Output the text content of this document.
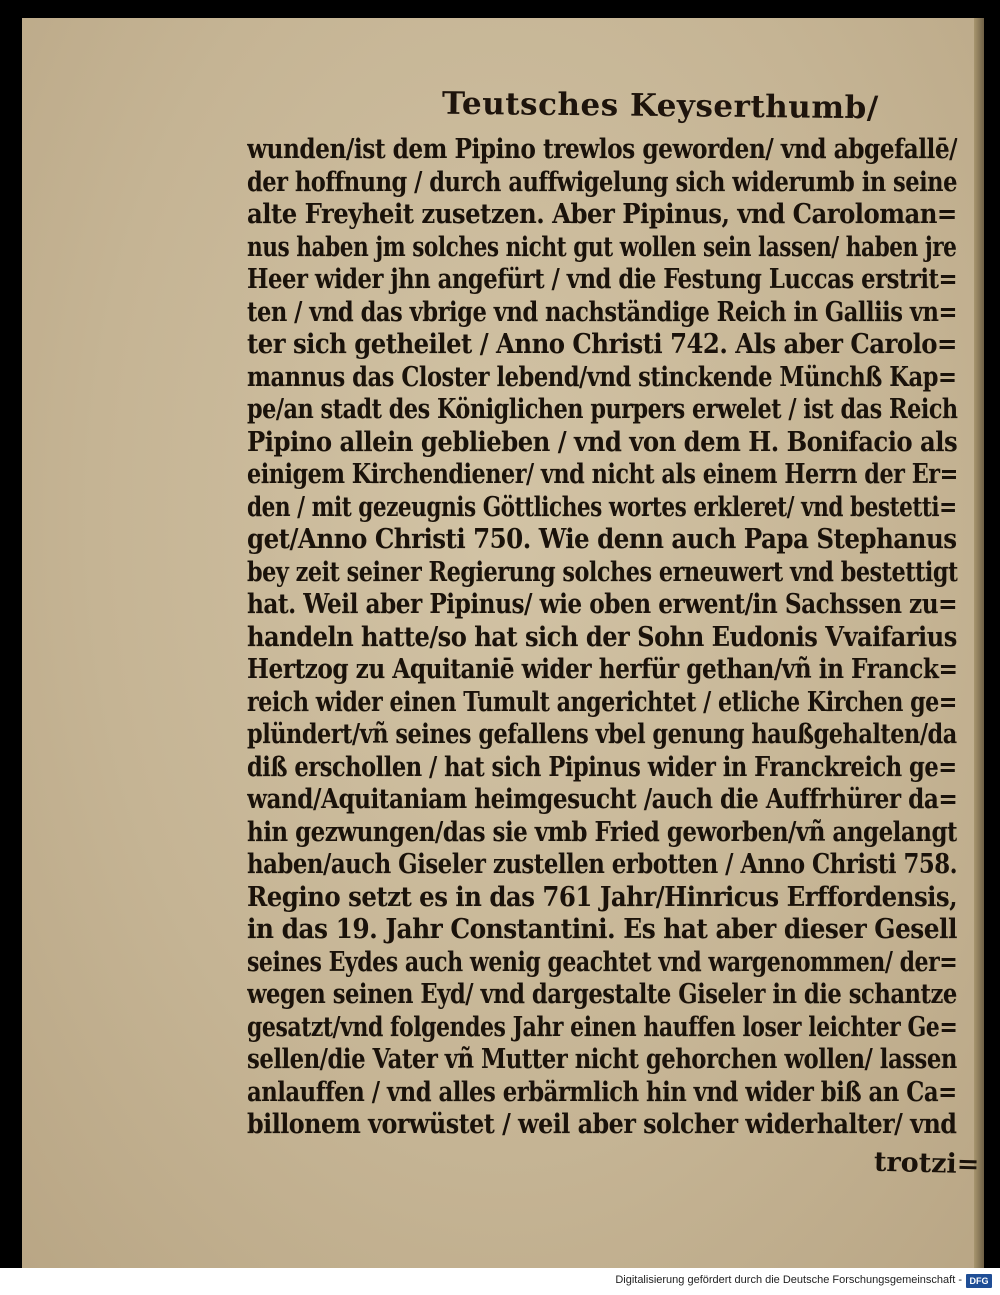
Teutsches Keyserthumb/
wunden/ist dem Pipino trewlos geworden/ vnd abgefallē/
der hoffnung / durch auffwigelung sich widerumb in seine
alte Freyheit zusetzen. Aber Pipinus, vnd Caroloman=
nus haben jm solches nicht gut wollen sein lassen/ haben jre
Heer wider jhn angefürt / vnd die Festung Luccas erstrit=
ten / vnd das vbrige vnd nachständige Reich in Galliis vn=
ter sich getheilet / Anno Christi 742. Als aber Carolo=
mannus das Closter lebend/vnd stinckende Münchß Kap=
pe/an stadt des Königlichen purpers erwelet / ist das Reich
Pipino allein geblieben / vnd von dem H. Bonifacio als
einigem Kirchendiener/ vnd nicht als einem Herrn der Er=
den / mit gezeugnis Göttliches wortes erkleret/ vnd bestetti=
get/Anno Christi 750. Wie denn auch Papa Stephanus
bey zeit seiner Regierung solches erneuwert vnd bestettigt
hat. Weil aber Pipinus/ wie oben erwent/in Sachssen zu=
handeln hatte/so hat sich der Sohn Eudonis Vvaifarius
Hertzog zu Aquitaniē wider herfür gethan/vñ in Franck=
reich wider einen Tumult angerichtet / etliche Kirchen ge=
plündert/vñ seines gefallens vbel genung haußgehalten/da
diß erschollen / hat sich Pipinus wider in Franckreich ge=
wand/Aquitaniam heimgesucht /auch die Auffrhürer da=
hin gezwungen/das sie vmb Fried geworben/vñ angelangt
haben/auch Giseler zustellen erbotten / Anno Christi 758.
Regino setzt es in das 761 Jahr/Hinricus Erffordensis,
in das 19. Jahr Constantini. Es hat aber dieser Gesell
seines Eydes auch wenig geachtet vnd wargenommen/ der=
wegen seinen Eyd/ vnd dargestalte Giseler in die schantze
gesatzt/vnd folgendes Jahr einen hauffen loser leichter Ge=
sellen/die Vater vñ Mutter nicht gehorchen wollen/ lassen
anlauffen / vnd alles erbärmlich hin vnd wider biß an Ca=
billonem vorwüstet / weil aber solcher widerhalter/ vnd
trotzi=
Digitalisierung gefördert durch die Deutsche Forschungsgemeinschaft - DFG
